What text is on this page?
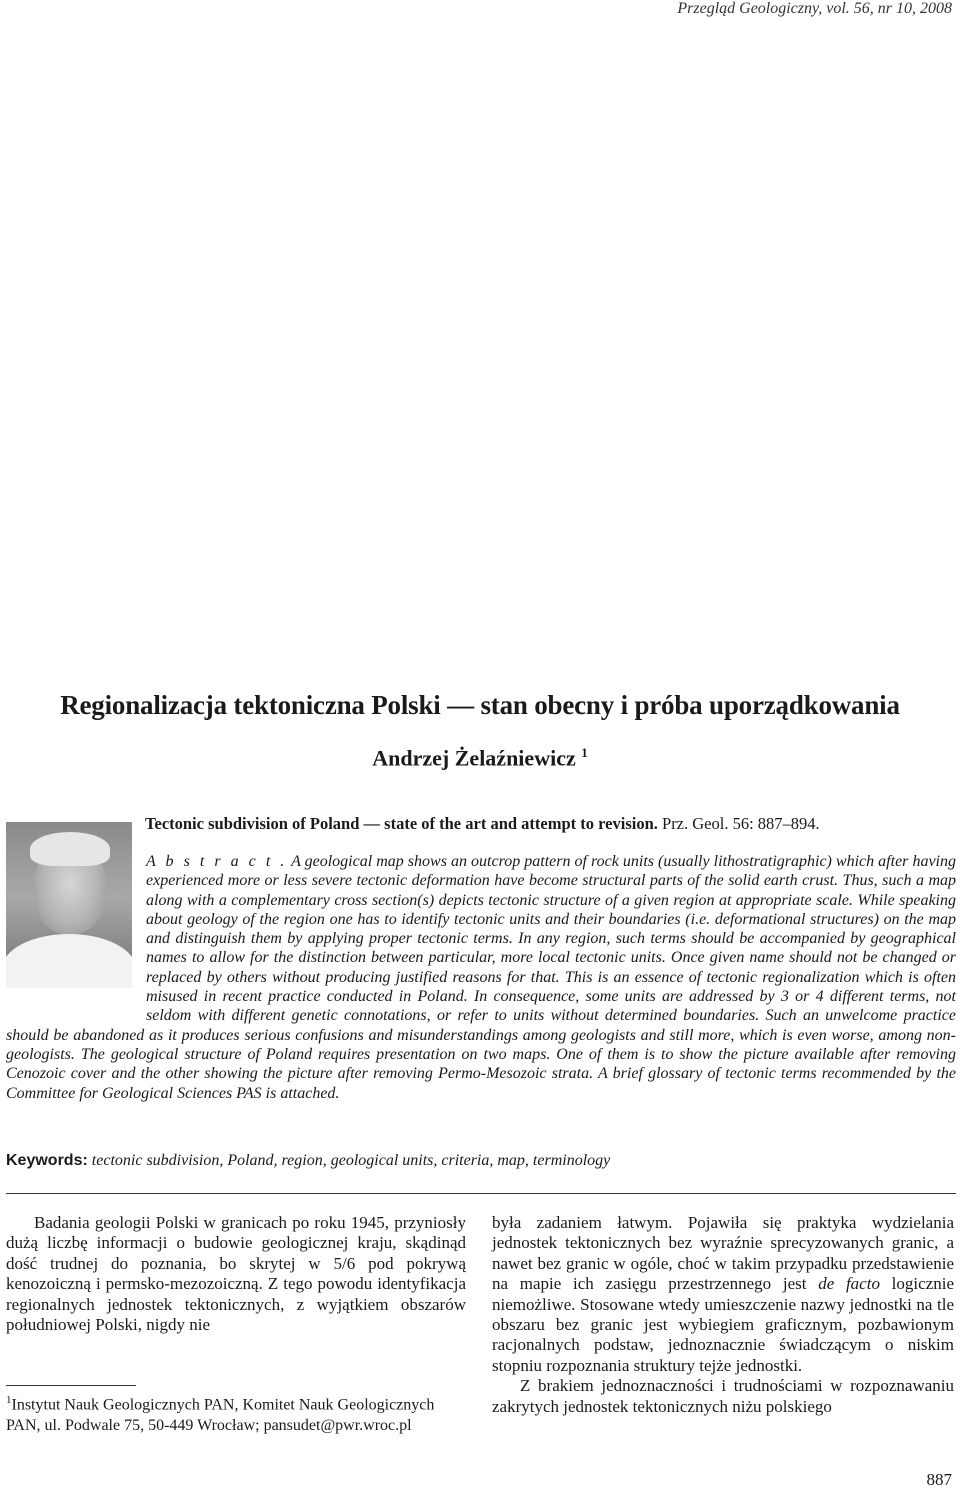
Przegląd Geologiczny, vol. 56, nr 10, 2008
Regionalizacja tektoniczna Polski — stan obecny i próba uporządkowania
Andrzej Żelaźniewicz $^1$
Tectonic subdivision of Poland — state of the art and attempt to revision. Prz. Geol. 56: 887–894.
A b s t r a c t . A geological map shows an outcrop pattern of rock units (usually lithostratigraphic) which after having experienced more or less severe tectonic deformation have become structural parts of the solid earth crust. Thus, such a map along with a complementary cross section(s) depicts tectonic structure of a given region at appropriate scale. While speaking about geology of the region one has to identify tectonic units and their boundaries (i.e. deformational structures) on the map and distinguish them by applying proper tectonic terms. In any region, such terms should be accompanied by geographical names to allow for the distinction between particular, more local tectonic units. Once given name should not be changed or replaced by others without producing justified reasons for that. This is an essence of tectonic regionalization which is often misused in recent practice conducted in Poland. In consequence, some units are addressed by 3 or 4 different terms, not seldom with different genetic connotations, or refer to units without determined boundaries. Such an unwelcome practice should be abandoned as it produces serious confusions and misunderstandings among geologists and still more, which is even worse, among non-geologists. The geological structure of Poland requires presentation on two maps. One of them is to show the picture available after removing Cenozoic cover and the other showing the picture after removing Permo-Mesozoic strata. A brief glossary of tectonic terms recommended by the Committee for Geological Sciences PAS is attached.
Keywords: tectonic subdivision, Poland, region, geological units, criteria, map, terminology
Badania geologii Polski w granicach po roku 1945, przyniosły dużą liczbę informacji o budowie geologicznej kraju, skądinąd dość trudnej do poznania, bo skrytej w 5/6 pod pokrywą kenozoiczną i permsko-mezozoiczną. Z tego powodu identyfikacja regionalnych jednostek tektonicznych, z wyjątkiem obszarów południowej Polski, nigdy nie
$^1$Instytut Nauk Geologicznych PAN, Komitet Nauk Geologicznych PAN, ul. Podwale 75, 50-449 Wrocław; pansudet@pwr.wroc.pl
była zadaniem łatwym. Pojawiła się praktyka wydzielania jednostek tektonicznych bez wyraźnie sprecyzowanych granic, a nawet bez granic w ogóle, choć w takim przypadku przedstawienie na mapie ich zasięgu przestrzennego jest de facto logicznie niemożliwe. Stosowane wtedy umieszczenie nazwy jednostki na tle obszaru bez granic jest wybiegiem graficznym, pozbawionym racjonalnych podstaw, jednoznacznie świadczącym o niskim stopniu rozpoznania struktury tejże jednostki.
Z brakiem jednoznaczności i trudnościami w rozpoznawaniu zakrytych jednostek tektonicznych niżu polskiego
887
